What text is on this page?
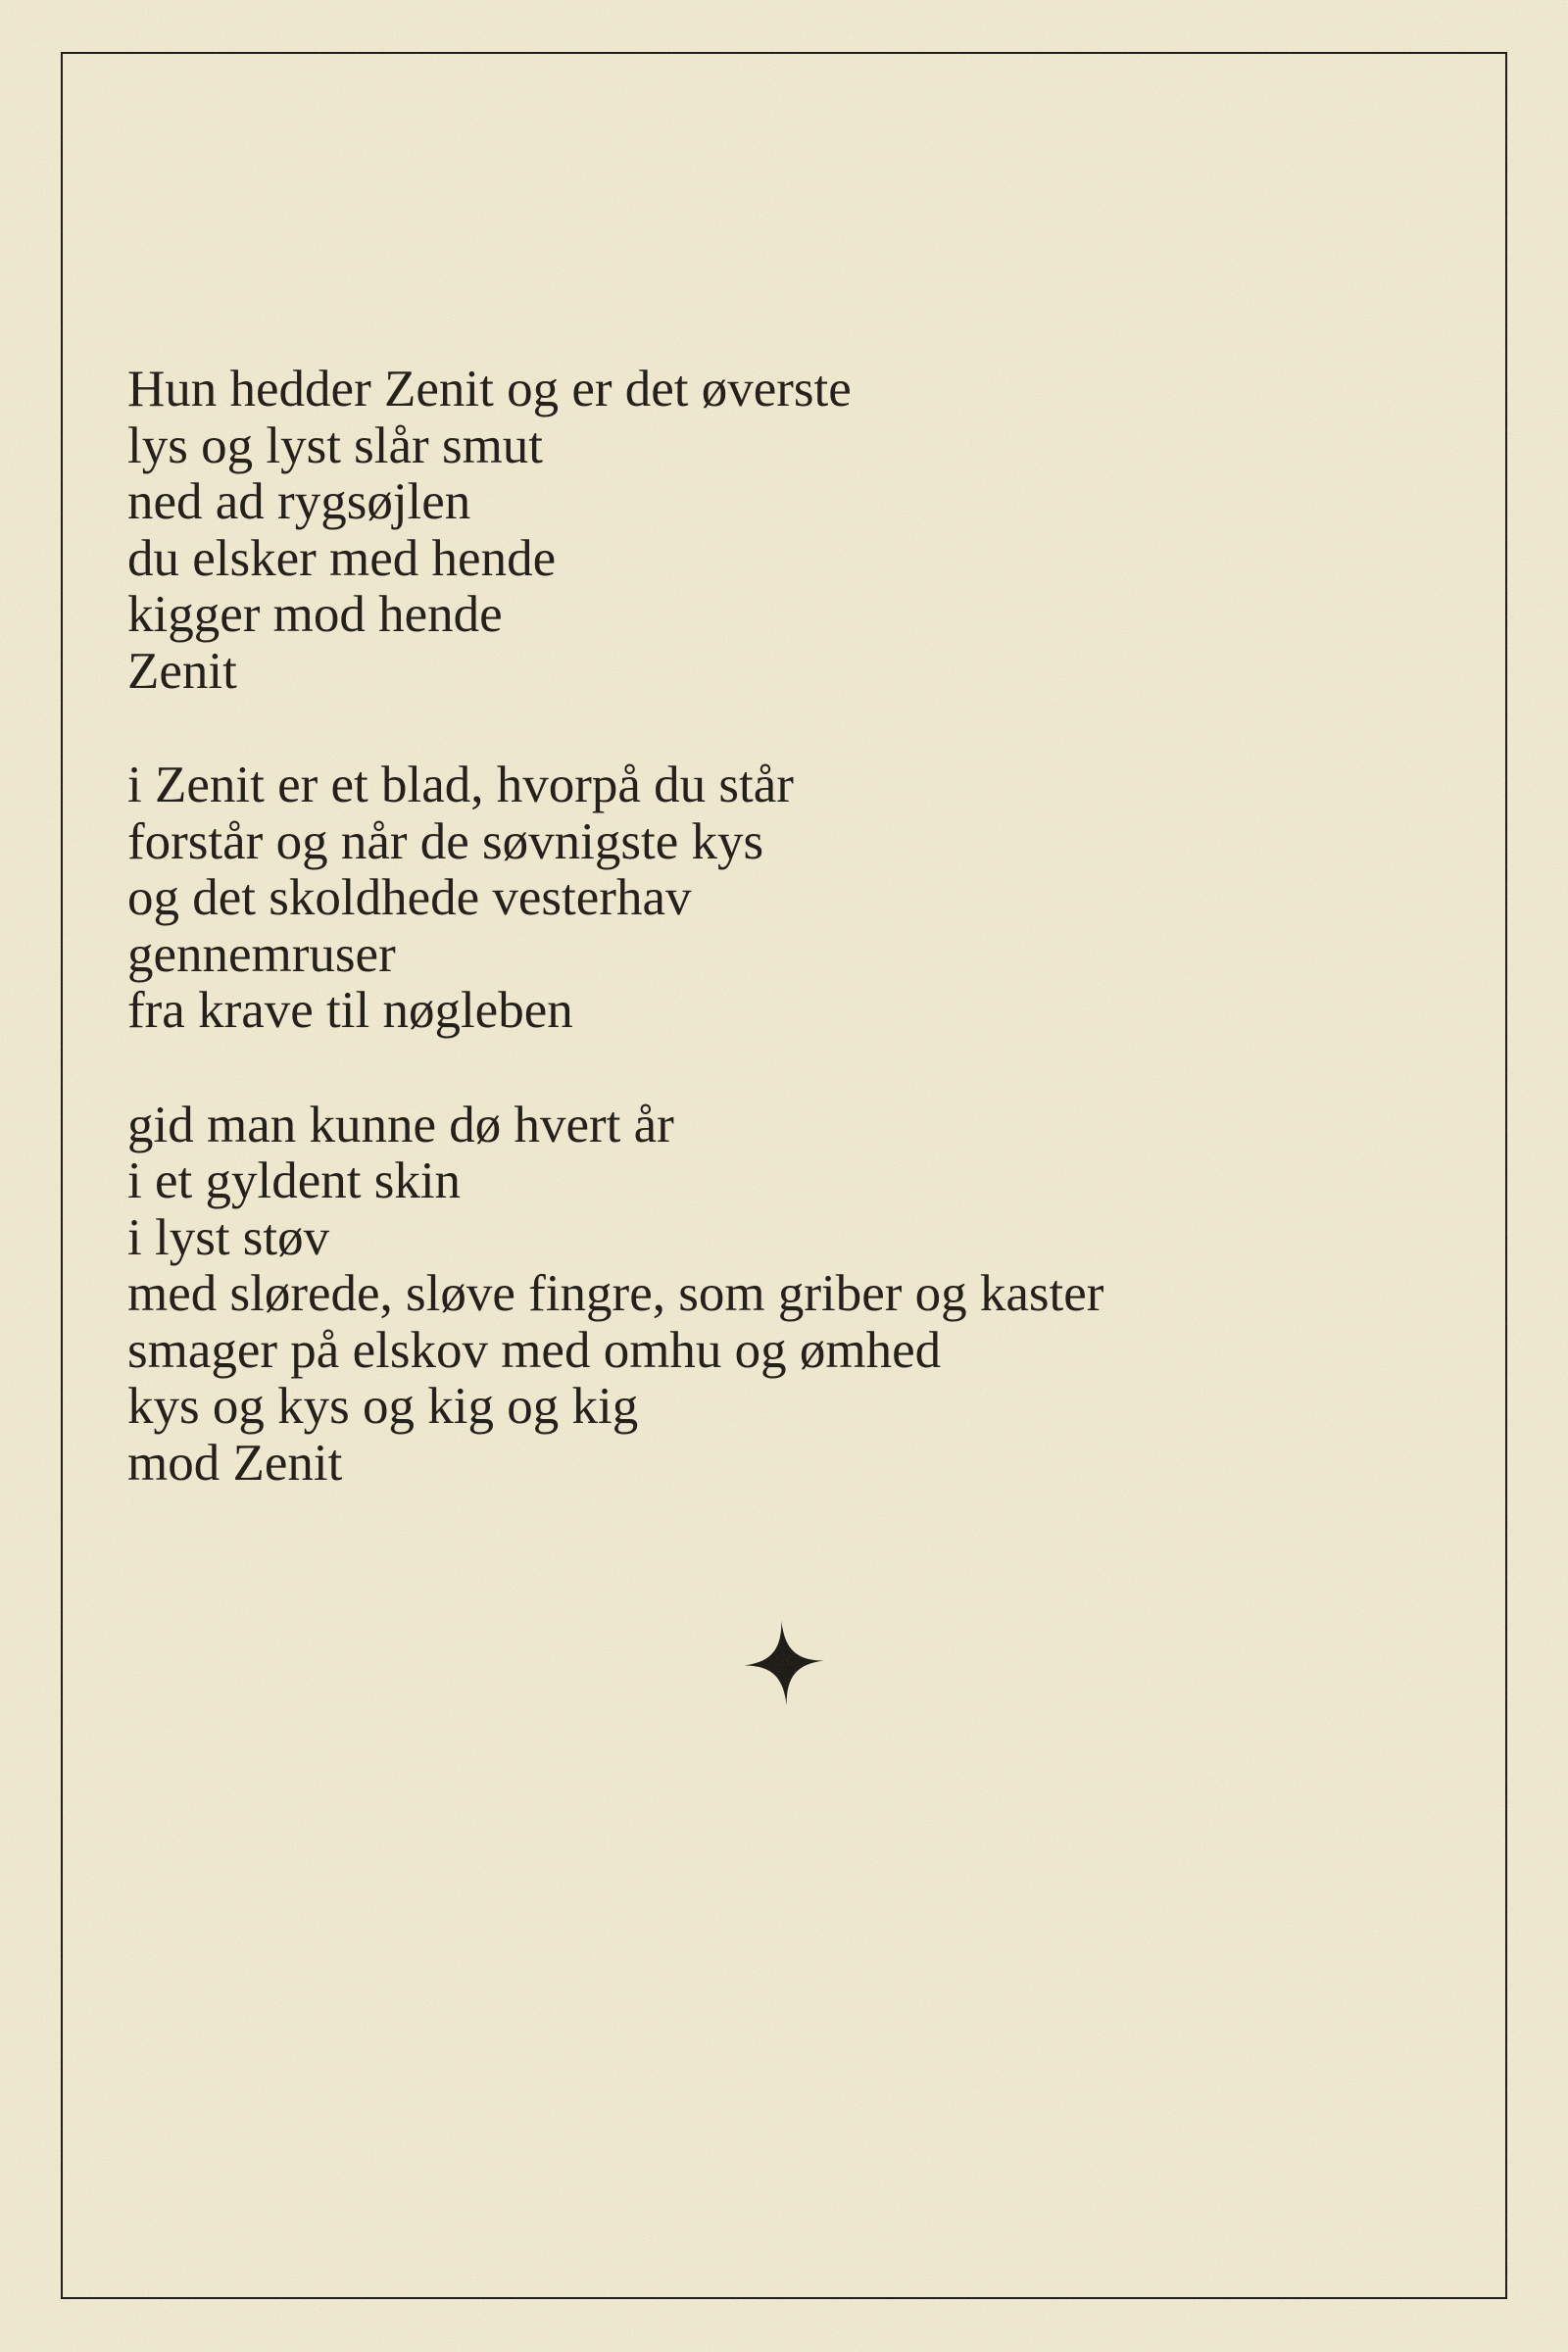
Hun hedder Zenit og er det øverste
lys og lyst slår smut
ned ad rygsøjlen
du elsker med hende
kigger mod hende
Zenit
i Zenit er et blad, hvorpå du står
forstår og når de søvnigste kys
og det skoldhede vesterhav
gennemruser
fra krave til nøgleben
gid man kunne dø hvert år
i et gyldent skin
i lyst støv
med slørede, sløve fingre, som griber og kaster
smager på elskov med omhu og ømhed
kys og kys og kig og kig
mod Zenit
